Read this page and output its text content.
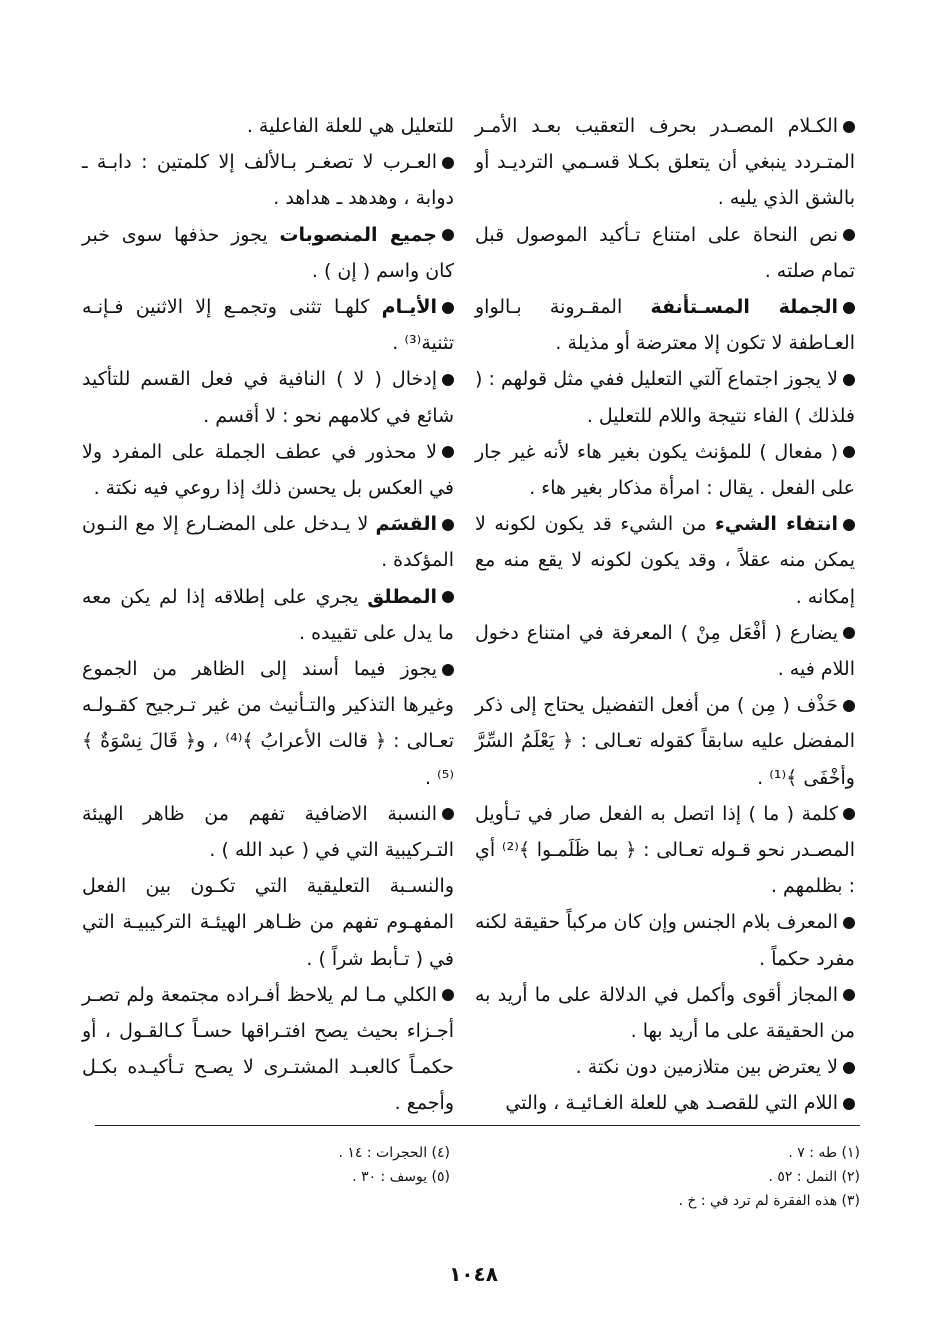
الكـلام المصـدر بحرف التعقيب بعـد الأمـر المتـردد ينبغي أن يتعلق بكـلا قسـمي الترديـد أو بالشق الذي يليه .

نص النحاة على امتناع تـأكيد الموصول قبل تمام صلته .

الجملة المسـتأنفة المقـرونة بـالواو العـاطفة لا تكون إلا معترضة أو مذيلة .

لا يجوز اجتماع آلتي التعليل ففي مثل قولهم : ( فلذلك ) الفاء نتيجة واللام للتعليل .

( مفعال ) للمؤنث يكون بغير هاء لأنه غير جار على الفعل . يقال : امرأة مذكار بغير هاء .

انتفاء الشيء من الشيء قد يكون لكونه لا يمكن منه عقلاً ، وقد يكون لكونه لا يقع منه مع إمكانه .

يضارع ( أفْعَل مِنْ ) المعرفة في امتناع دخول اللام فيه .

حَذْف ( مِن ) من أفعل التفضيل يحتاج إلى ذكر المفضل عليه سابقاً كقوله تعـالى : ﴿ يَعْلَمُ السِّرَّ وأخْفَى ﴾⁽¹⁾ .

كلمة ( ما ) إذا اتصل به الفعل صار في تـأويل المصـدر نحو قـوله تعـالى : ﴿ بما ظَلَمـوا ﴾⁽²⁾ أي : بظلمهم .

المعرف بلام الجنس وإن كان مركباً حقيقة لكنه مفرد حكماً .

المجاز أقوى وأكمل في الدلالة على ما أريد به من الحقيقة على ما أريد بها .

لا يعترض بين متلازمين دون نكتة .

اللام التي للقصـد هي للعلة الغـائيـة ، والتي

للتعليل هي للعلة الفاعلية .

العـرب لا تصغـر بـالألف إلا كلمتين : دابـة ـ دوابة ، وهدهد ـ هداهد .

جميع المنصوبات يجوز حذفها سوى خبر كان واسم ( إن ) .

الأيـام كلهـا تثنى وتجمـع إلا الاثنين فـإنـه تثنية⁽³⁾ .

إدخال ( لا ) النافية في فعل القسم للتأكيد شائع في كلامهم نحو : لا أقسم .

لا محذور في عطف الجملة على المفرد ولا في العكس بل يحسن ذلك إذا روعي فيه نكتة .

القسَم لا يـدخل على المضـارع إلا مع النـون المؤكدة .

المطلق يجري على إطلاقه إذا لم يكن معه ما يدل على تقييده .

يجوز فيما أسند إلى الظاهر من الجموع وغيرها التذكير والتـأنيث من غير تـرجيح كقـولـه تعـالى : ﴿ قالت الأعرابُ ﴾⁽⁴⁾ ، و﴿ قَالَ نِسْوَةٌ ﴾⁽⁵⁾ .

النسبة الاضافية تفهم من ظاهر الهيئة التـركيبية التي في ( عبد الله ) .

والنسـبة التعليقية التي تكـون بين الفعل المفهـوم تفهم من ظـاهر الهيئـة التركيبيـة التي في ( تـأبط شراً ) .

الكلي مـا لم يلاحظ أفـراده مجتمعة ولم تصـر أجـزاء بحيث يصح افتـراقها حسـاً كـالقـول ، أو حكمـاً كالعبـد المشتـرى لا يصـح تـأكيـده بكـل وأجمع .

(١) طه : ٧ .

(٢) النمل : ٥٢ .

(٣) هذه الفقرة لم ترد في : خ .

(٤) الحجرات : ١٤ .

(٥) يوسف : ٣٠ .

١٠٤٨
